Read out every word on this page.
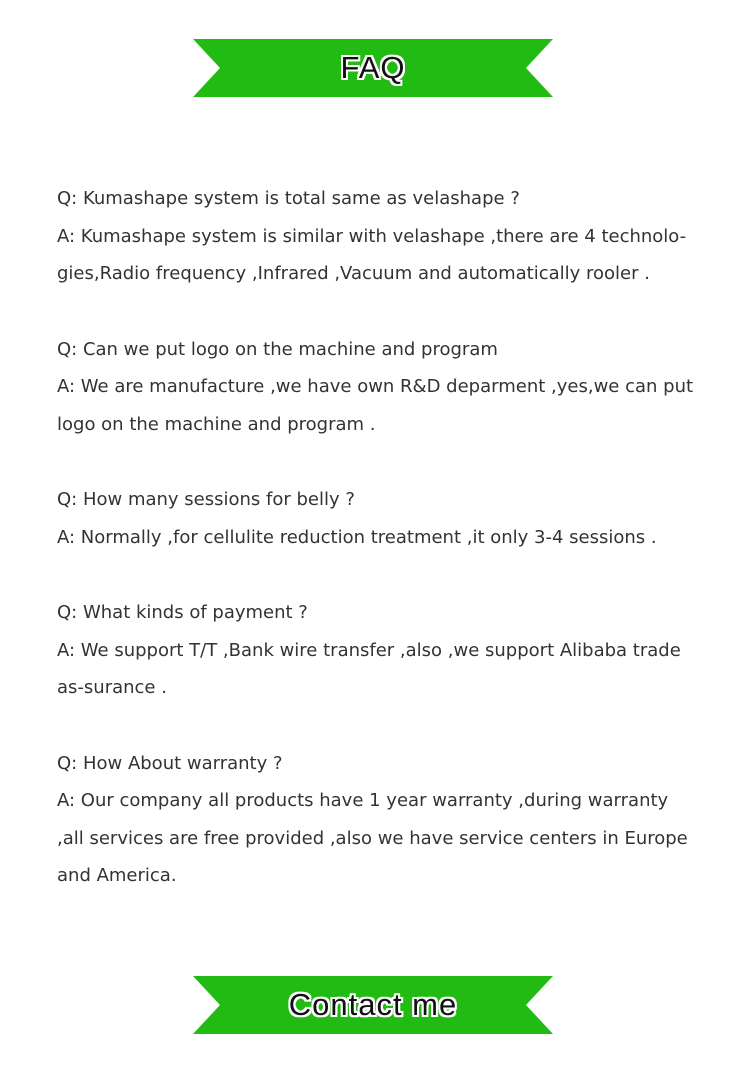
FAQ

Q: Kumashape system is total same as velashape ?

A: Kumashape system is similar with velashape ,there are 4 technolo-gies,Radio frequency ,Infrared ,Vacuum and automatically rooler .

Q: Can we put logo on the machine and program

A: We are manufacture ,we have own R&D deparment ,yes,we can put logo on the machine and program .

Q: How many sessions for belly ?

A: Normally ,for cellulite reduction treatment ,it only 3-4 sessions .

Q: What kinds of payment ?

A: We support T/T ,Bank wire transfer ,also ,we support Alibaba trade as-surance .

Q: How About warranty ?

A: Our company all products have 1 year warranty ,during warranty ,all services are free provided ,also we have service centers in Europe and America.

Contact me
